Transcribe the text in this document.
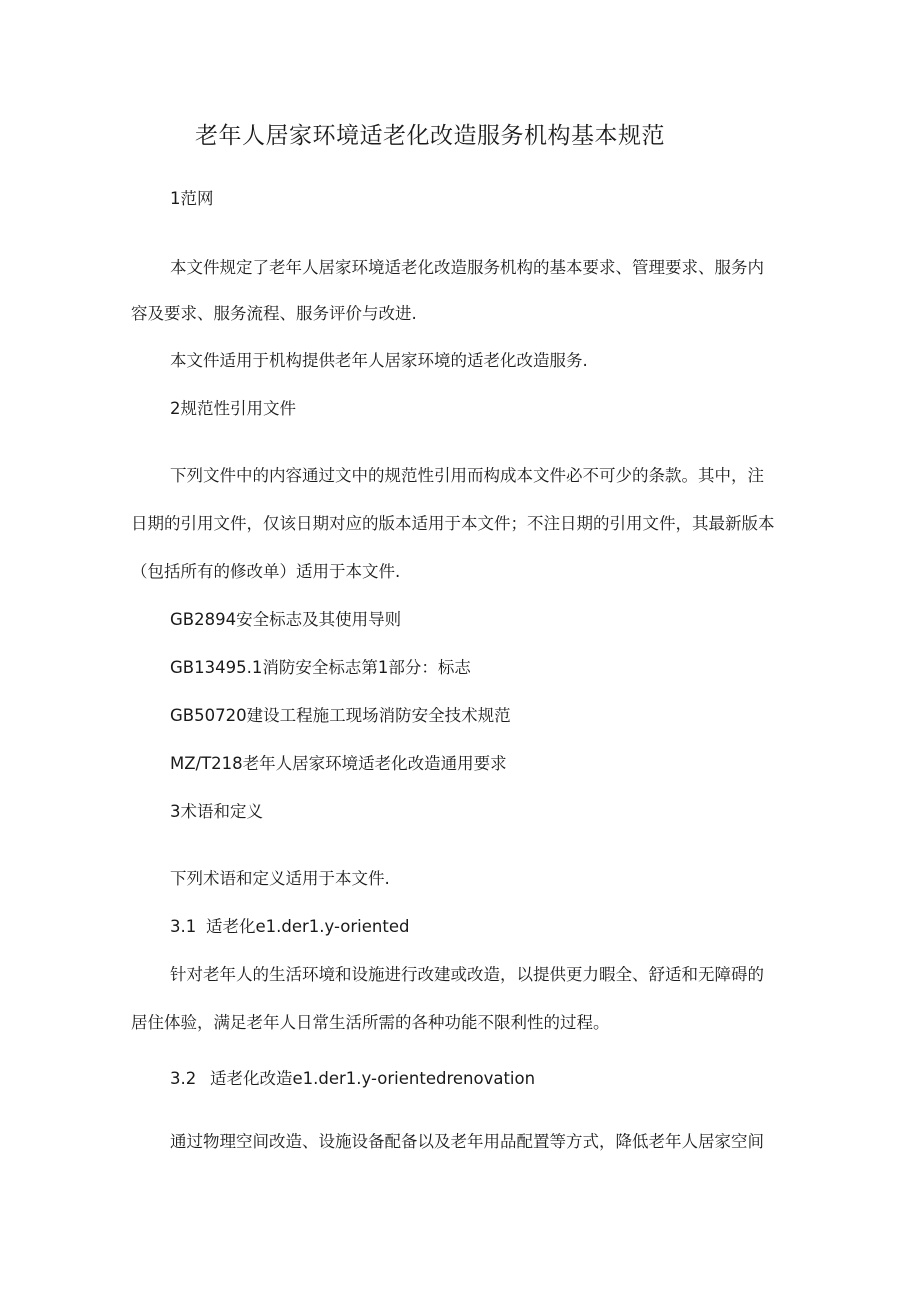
老年人居家环境适老化改造服务机构基本规范
1范网
本文件规定了老年人居家环境适老化改造服务机构的基本要求、管理要求、服务内
容及要求、服务流程、服务评价与改进.
本文件适用于机构提供老年人居家环境的适老化改造服务.
2规范性引用文件
下列文件中的内容通过文中的规范性引用而构成本文件必不可少的条款。其中，注
日期的引用文件，仅该日期对应的版本适用于本文件；不注日期的引用文件，其最新版本
（包括所有的修改单）适用于本文件.
GB2894安全标志及其使用导则
GB13495.1消防安全标志第1部分：标志
GB50720建设工程施工现场消防安全技术规范
MZ/T218老年人居家环境适老化改造通用要求
3术语和定义
下列术语和定义适用于本文件.
3.1 适老化e1.der1.y-oriented
针对老年人的生活环境和设施进行改建或改造，以提供更力暇全、舒适和无障碍的
居住体验，满足老年人日常生活所需的各种功能不限利性的过程。
3.2 适老化改造e1.der1.y-orientedrenovation
通过物理空间改造、设施设备配备以及老年用品配置等方式，降低老年人居家空间
